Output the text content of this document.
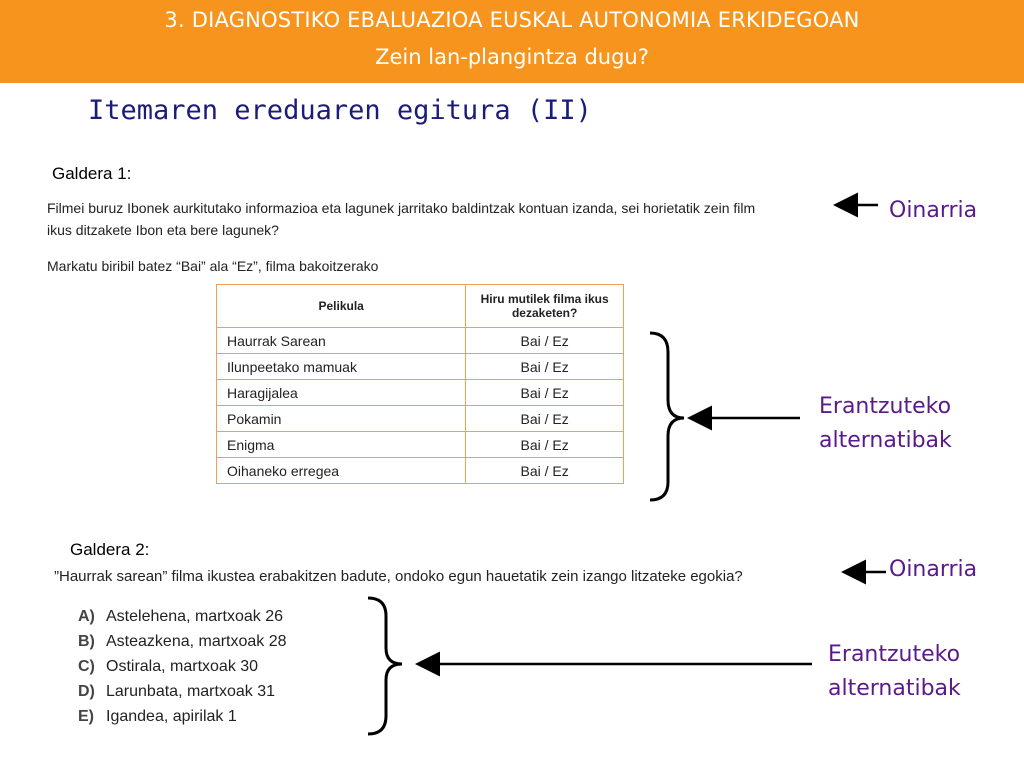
3. DIAGNOSTIKO EBALUAZIOA EUSKAL AUTONOMIA ERKIDEGOAN
Zein lan-plangintza dugu?
Itemaren ereduaren egitura (II)
Galdera 1:
Filmei buruz Ibonek aurkitutako informazioa eta lagunek jarritako baldintzak kontuan izanda, sei horietatik zein film
ikus ditzakete Ibon eta bere lagunek?
Markatu biribil batez “Bai” ala “Ez”, filma bakoitzerako
Pelikula	Hiru mutilek filma ikus dezaketen?
Haurrak Sarean	Bai / Ez
Ilunpeetako mamuak	Bai / Ez
Haragijalea	Bai / Ez
Pokamin	Bai / Ez
Enigma	Bai / Ez
Oihaneko erregea	Bai / Ez
Galdera 2:
”Haurrak sarean” filma ikustea erabakitzen badute, ondoko egun hauetatik zein izango litzateke egokia?
A) Astelehena, martxoak 26
B) Asteazkena, martxoak 28
C) Ostirala, martxoak 30
D) Larunbata, martxoak 31
E) Igandea, apirilak 1
Oinarria
Erantzuteko
alternatibak
Oinarria
Erantzuteko
alternatibak
